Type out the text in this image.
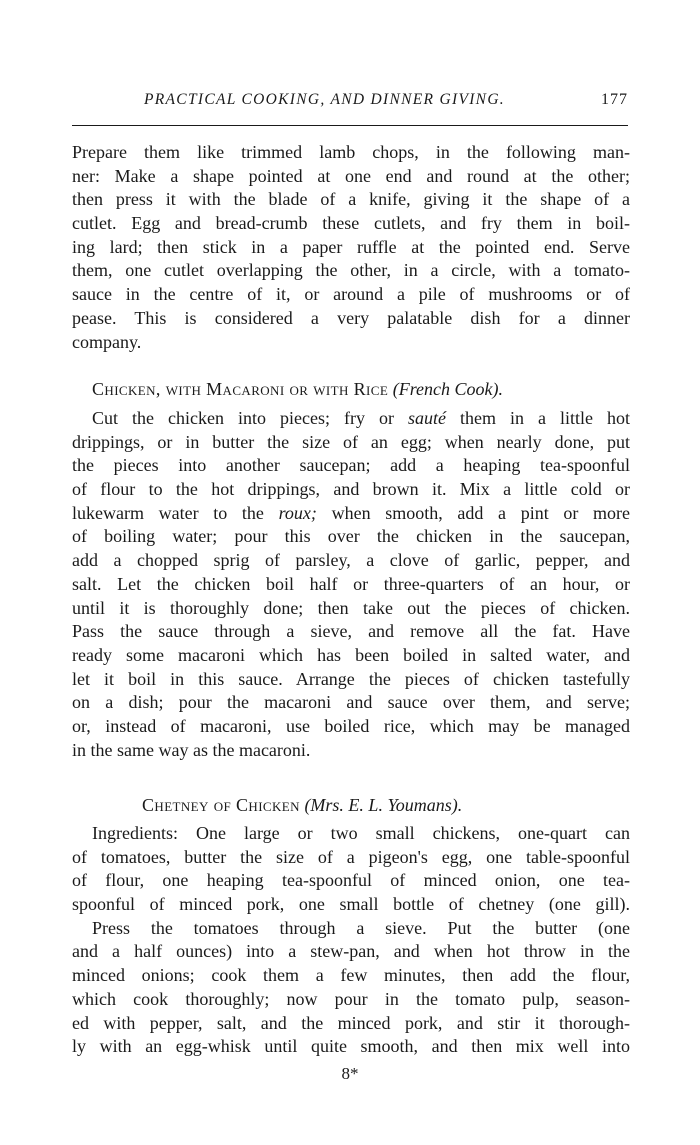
PRACTICAL COOKING, AND DINNER GIVING.	177
Prepare them like trimmed lamb chops, in the following man-
ner: Make a shape pointed at one end and round at the other;
then press it with the blade of a knife, giving it the shape of a
cutlet. Egg and bread-crumb these cutlets, and fry them in boil-
ing lard; then stick in a paper ruffle at the pointed end. Serve
them, one cutlet overlapping the other, in a circle, with a tomato-
sauce in the centre of it, or around a pile of mushrooms or of
pease. This is considered a very palatable dish for a dinner
company.
Chicken, with Macaroni or with Rice (French Cook).
Cut the chicken into pieces; fry or sauté them in a little hot
drippings, or in butter the size of an egg; when nearly done, put
the pieces into another saucepan; add a heaping tea-spoonful
of flour to the hot drippings, and brown it. Mix a little cold or
lukewarm water to the roux; when smooth, add a pint or more
of boiling water; pour this over the chicken in the saucepan,
add a chopped sprig of parsley, a clove of garlic, pepper, and
salt. Let the chicken boil half or three-quarters of an hour, or
until it is thoroughly done; then take out the pieces of chicken.
Pass the sauce through a sieve, and remove all the fat. Have
ready some macaroni which has been boiled in salted water, and
let it boil in this sauce. Arrange the pieces of chicken tastefully
on a dish; pour the macaroni and sauce over them, and serve;
or, instead of macaroni, use boiled rice, which may be managed
in the same way as the macaroni.
Chetney of Chicken (Mrs. E. L. Youmans).
Ingredients: One large or two small chickens, one-quart can
of tomatoes, butter the size of a pigeon's egg, one table-spoonful
of flour, one heaping tea-spoonful of minced onion, one tea-
spoonful of minced pork, one small bottle of chetney (one gill).
Press the tomatoes through a sieve. Put the butter (one
and a half ounces) into a stew-pan, and when hot throw in the
minced onions; cook them a few minutes, then add the flour,
which cook thoroughly; now pour in the tomato pulp, season-
ed with pepper, salt, and the minced pork, and stir it thorough-
ly with an egg-whisk until quite smooth, and then mix well into
8*
